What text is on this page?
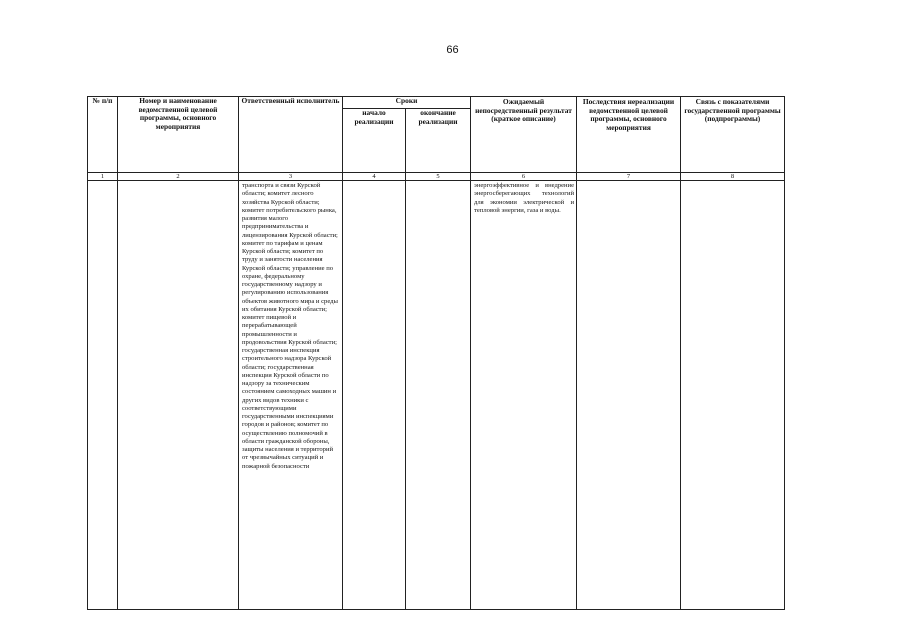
66
№ п/п	Номер и наименование ведомственной целевой программы, основного мероприятия	Ответственный исполнитель	Сроки		Ожидаемый непосредственный результат (краткое описание)	Последствия нереализации ведомственной целевой программы, основного мероприятия	Связь с показателями государственной программы (подпрограммы)
			начало реализации	окончание реализации			
1	2	3	4	5	6	7	8

		транспорта и связи Курской области; комитет лесного хозяйства Курской области; комитет потребительского рынка, развития малого предпринимательства и лицензирования Курской области; комитет по тарифам и ценам Курской области; комитет по труду и занятости населения Курской области; управление по охране, федеральному государственному надзору и регулированию использования объектов животного мира и среды их обитания Курской области; комитет пищевой и перерабатывающей промышленности и продовольствия Курской области; государственная инспекция строительного надзора Курской области; государственная инспекция Курской области по надзору за техническим состоянием самоходных машин и других видов техники с соответствующими государственными инспекциями городов и районов; комитет по осуществлению полномочий в области гражданской обороны, защиты населения и территорий от чрезвычайных ситуаций и пожарной безопасности			энергоэффективное и внедрение энергосберегающих технологий для экономии электрической и тепловой энергии, газа и воды.		
